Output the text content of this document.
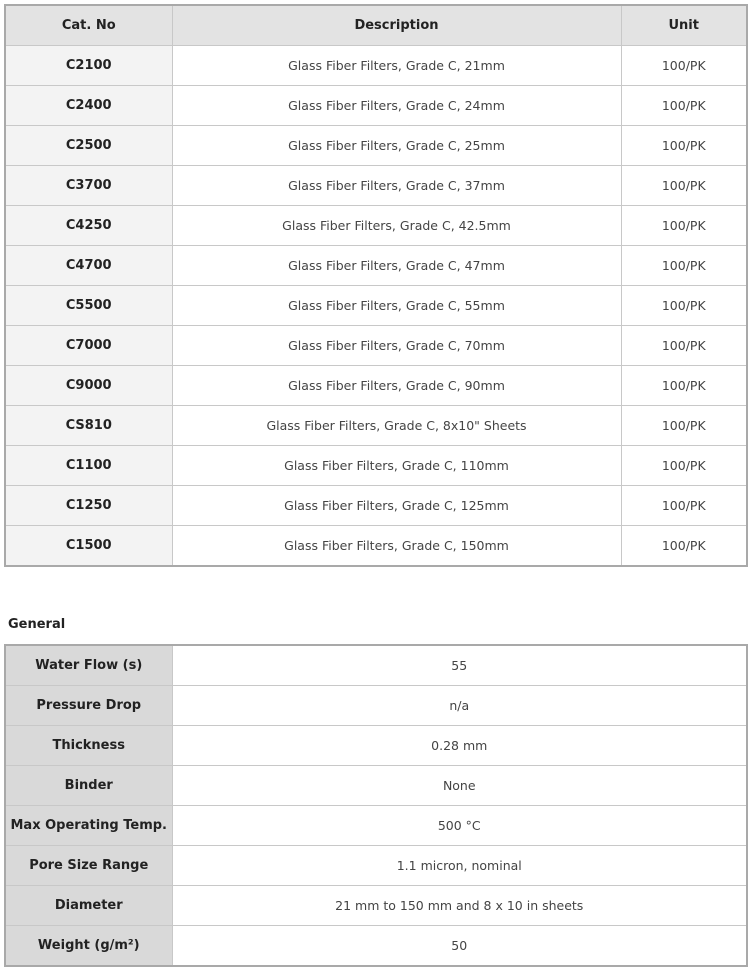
Cat. No	Description	Unit
C2100	Glass Fiber Filters, Grade C, 21mm	100/PK
C2400	Glass Fiber Filters, Grade C, 24mm	100/PK
C2500	Glass Fiber Filters, Grade C, 25mm	100/PK
C3700	Glass Fiber Filters, Grade C, 37mm	100/PK
C4250	Glass Fiber Filters, Grade C, 42.5mm	100/PK
C4700	Glass Fiber Filters, Grade C, 47mm	100/PK
C5500	Glass Fiber Filters, Grade C, 55mm	100/PK
C7000	Glass Fiber Filters, Grade C, 70mm	100/PK
C9000	Glass Fiber Filters, Grade C, 90mm	100/PK
CS810	Glass Fiber Filters, Grade C, 8x10" Sheets	100/PK
C1100	Glass Fiber Filters, Grade C, 110mm	100/PK
C1250	Glass Fiber Filters, Grade C, 125mm	100/PK
C1500	Glass Fiber Filters, Grade C, 150mm	100/PK
General
Water Flow (s)	55
Pressure Drop	n/a
Thickness	0.28 mm
Binder	None
Max Operating Temp.	500 °C
Pore Size Range	1.1 micron, nominal
Diameter	21 mm to 150 mm and 8 x 10 in sheets
Weight (g/m²)	50
